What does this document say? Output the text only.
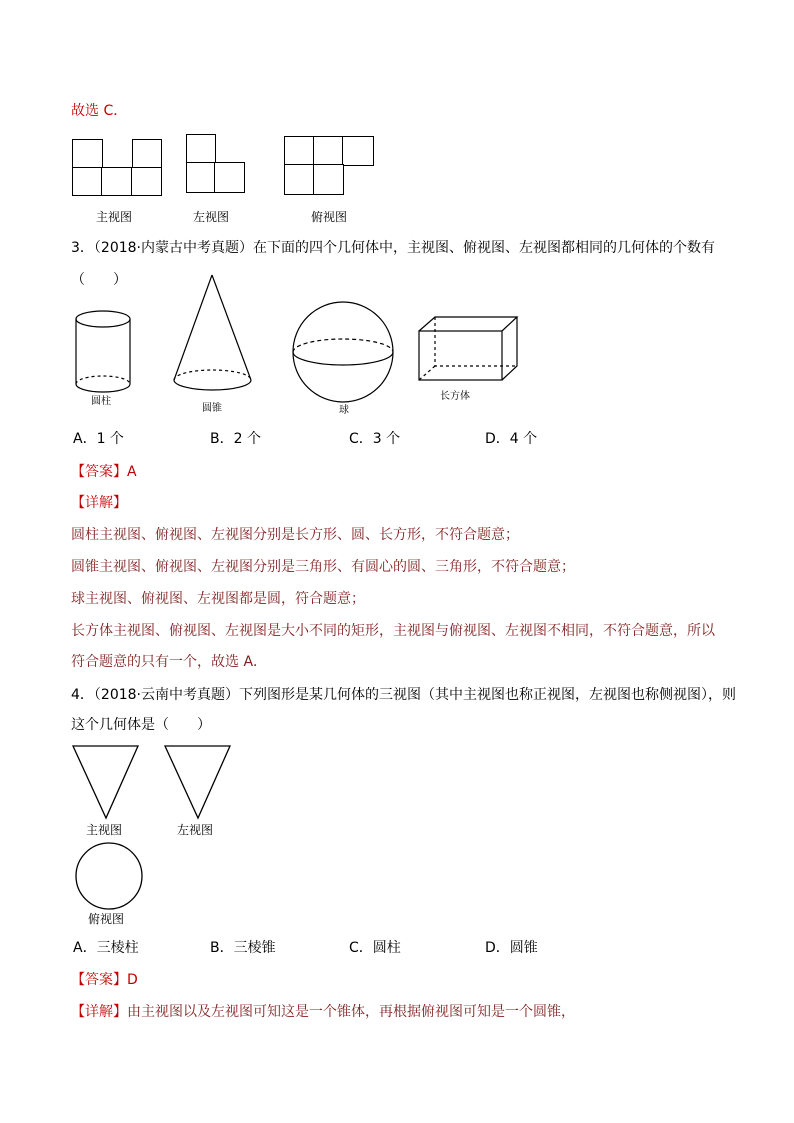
故选 C．
主视图	左视图	俯视图
3．（2018·内蒙古中考真题）在下面的四个几何体中，主视图、俯视图、左视图都相同的几何体的个数有
（　　）
圆柱
圆锥	球
长方体
A．1 个	B．2 个	C．3 个	D．4 个
【答案】A
【详解】
圆柱主视图、俯视图、左视图分别是长方形、圆、长方形，不符合题意；
圆锥主视图、俯视图、左视图分别是三角形、有圆心的圆、三角形，不符合题意；
球主视图、俯视图、左视图都是圆，符合题意；
长方体主视图、俯视图、左视图是大小不同的矩形，主视图与俯视图、左视图不相同，不符合题意，所以
符合题意的只有一个，故选 A．
4．（2018·云南中考真题）下列图形是某几何体的三视图（其中主视图也称正视图，左视图也称侧视图），则
这个几何体是（　　）
主视图	左视图
俯视图
A．三棱柱	B．三棱锥	C．圆柱	D．圆锥
【答案】D
【详解】由主视图以及左视图可知这是一个锥体，再根据俯视图可知是一个圆锥，
